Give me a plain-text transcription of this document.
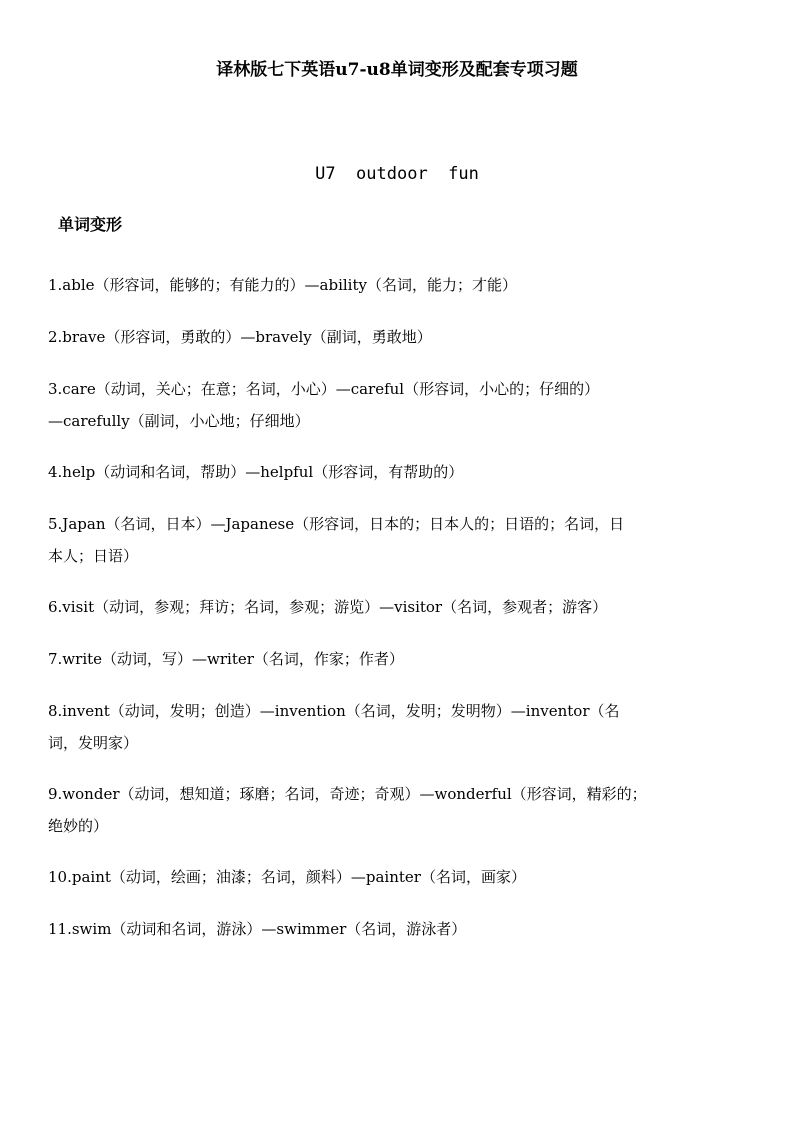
译林版七下英语u7-u8单词变形及配套专项习题
U7  outdoor  fun
单词变形
1.able（形容词，能够的；有能力的）—ability（名词，能力；才能）
2.brave（形容词，勇敢的）—bravely（副词，勇敢地）
3.care（动词，关心；在意；名词，小心）—careful（形容词，小心的；仔细的）
—carefully（副词，小心地；仔细地）
4.help（动词和名词，帮助）—helpful（形容词，有帮助的）
5.Japan（名词，日本）—Japanese（形容词，日本的；日本人的；日语的；名词，日
本人；日语）
6.visit（动词，参观；拜访；名词，参观；游览）—visitor（名词，参观者；游客）
7.write（动词，写）—writer（名词，作家；作者）
8.invent（动词，发明；创造）—invention（名词，发明；发明物）—inventor（名
词，发明家）
9.wonder（动词，想知道；琢磨；名词，奇迹；奇观）—wonderful（形容词，精彩的；
绝妙的）
10.paint（动词，绘画；油漆；名词，颜料）—painter（名词，画家）
11.swim（动词和名词，游泳）—swimmer（名词，游泳者）
